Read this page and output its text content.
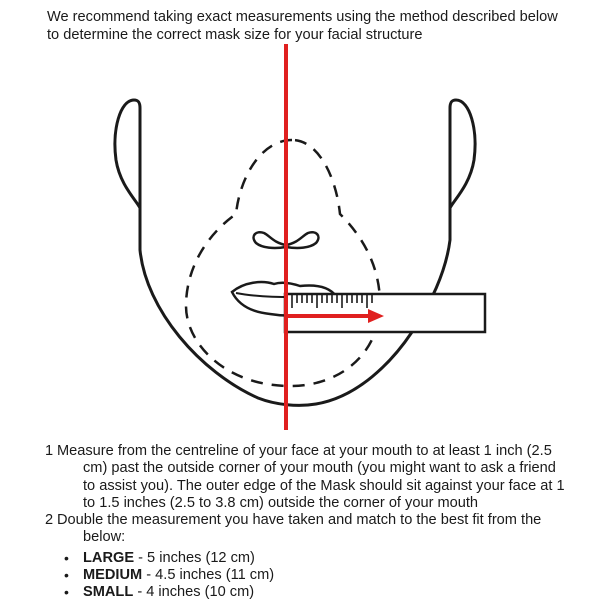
We recommend taking exact measurements using the method described below
to determine the correct mask size for your facial structure

1 Measure from the centreline of your face at your mouth to at least 1 inch (2.5
cm) past the outside corner of your mouth (you might want to ask a friend
to assist you). The outer edge of the Mask should sit against your face at 1
to 1.5 inches (2.5 to 3.8 cm) outside the corner of your mouth
2 Double the measurement you have taken and match to the best fit from the
below:
• LARGE - 5 inches (12 cm)
• MEDIUM - 4.5 inches (11 cm)
• SMALL - 4 inches (10 cm)
